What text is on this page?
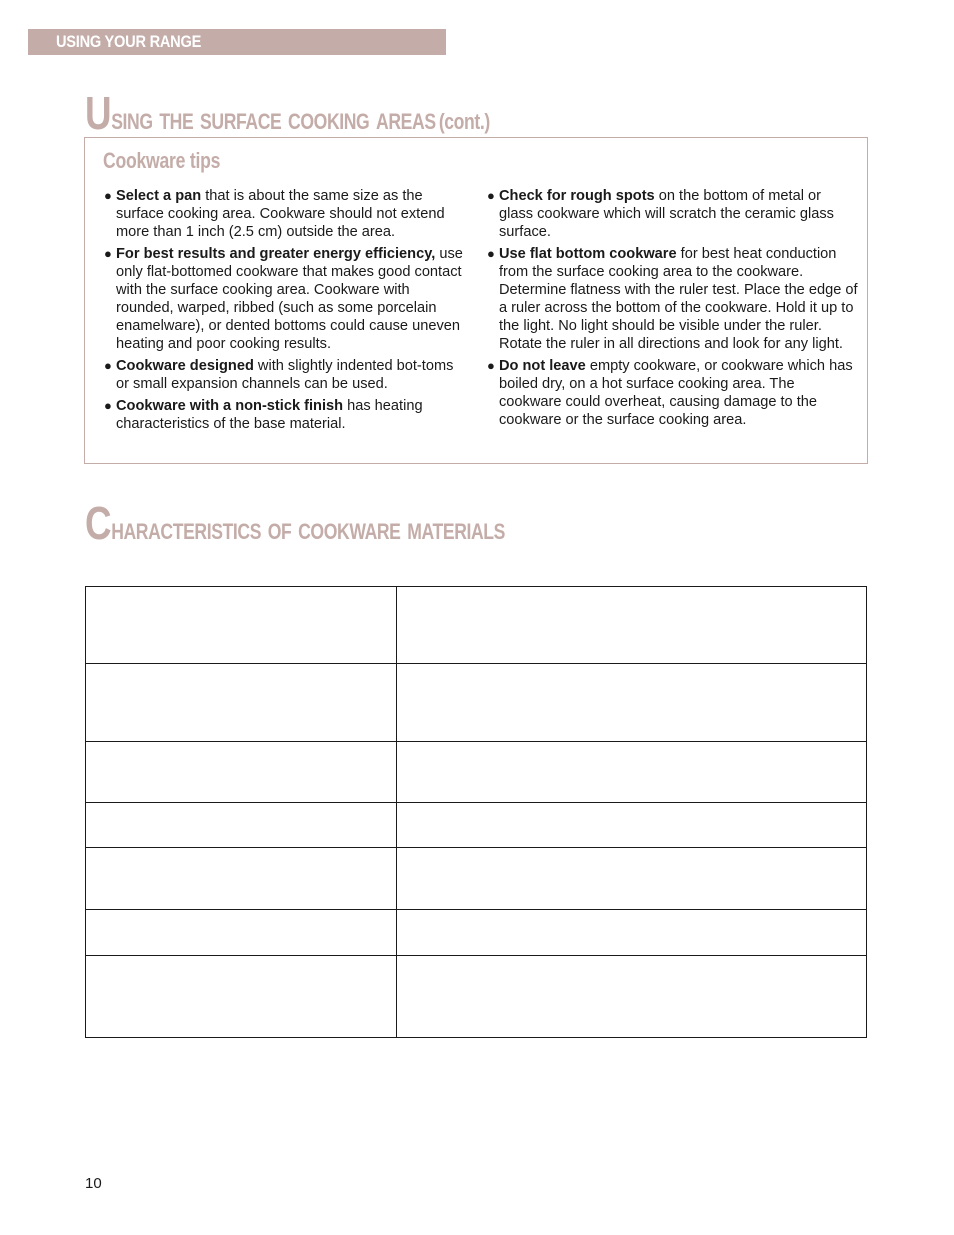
USING YOUR RANGE
Using the surface cooking areas (cont.)
Cookware tips
● Select a pan that is about the same size as the surface cooking area. Cookware should not extend more than 1 inch (2.5 cm) outside the area.
● For best results and greater energy efficiency, use only flat-bottomed cookware that makes good contact with the surface cooking area. Cookware with rounded, warped, ribbed (such as some porcelain enamelware), or dented bottoms could cause uneven heating and poor cooking results.
● Cookware designed with slightly indented bot-toms or small expansion channels can be used.
● Cookware with a non-stick finish has heating characteristics of the base material.
● Check for rough spots on the bottom of metal or glass cookware which will scratch the ceramic glass surface.
● Use flat bottom cookware for best heat conduction from the surface cooking area to the cookware. Determine flatness with the ruler test. Place the edge of a ruler across the bottom of the cookware. Hold it up to the light. No light should be visible under the ruler. Rotate the ruler in all directions and look for any light.
● Do not leave empty cookware, or cookware which has boiled dry, on a hot surface cooking area. The cookware could overheat, causing damage to the cookware or the surface cooking area.
Characteristics of cookware materials

10
